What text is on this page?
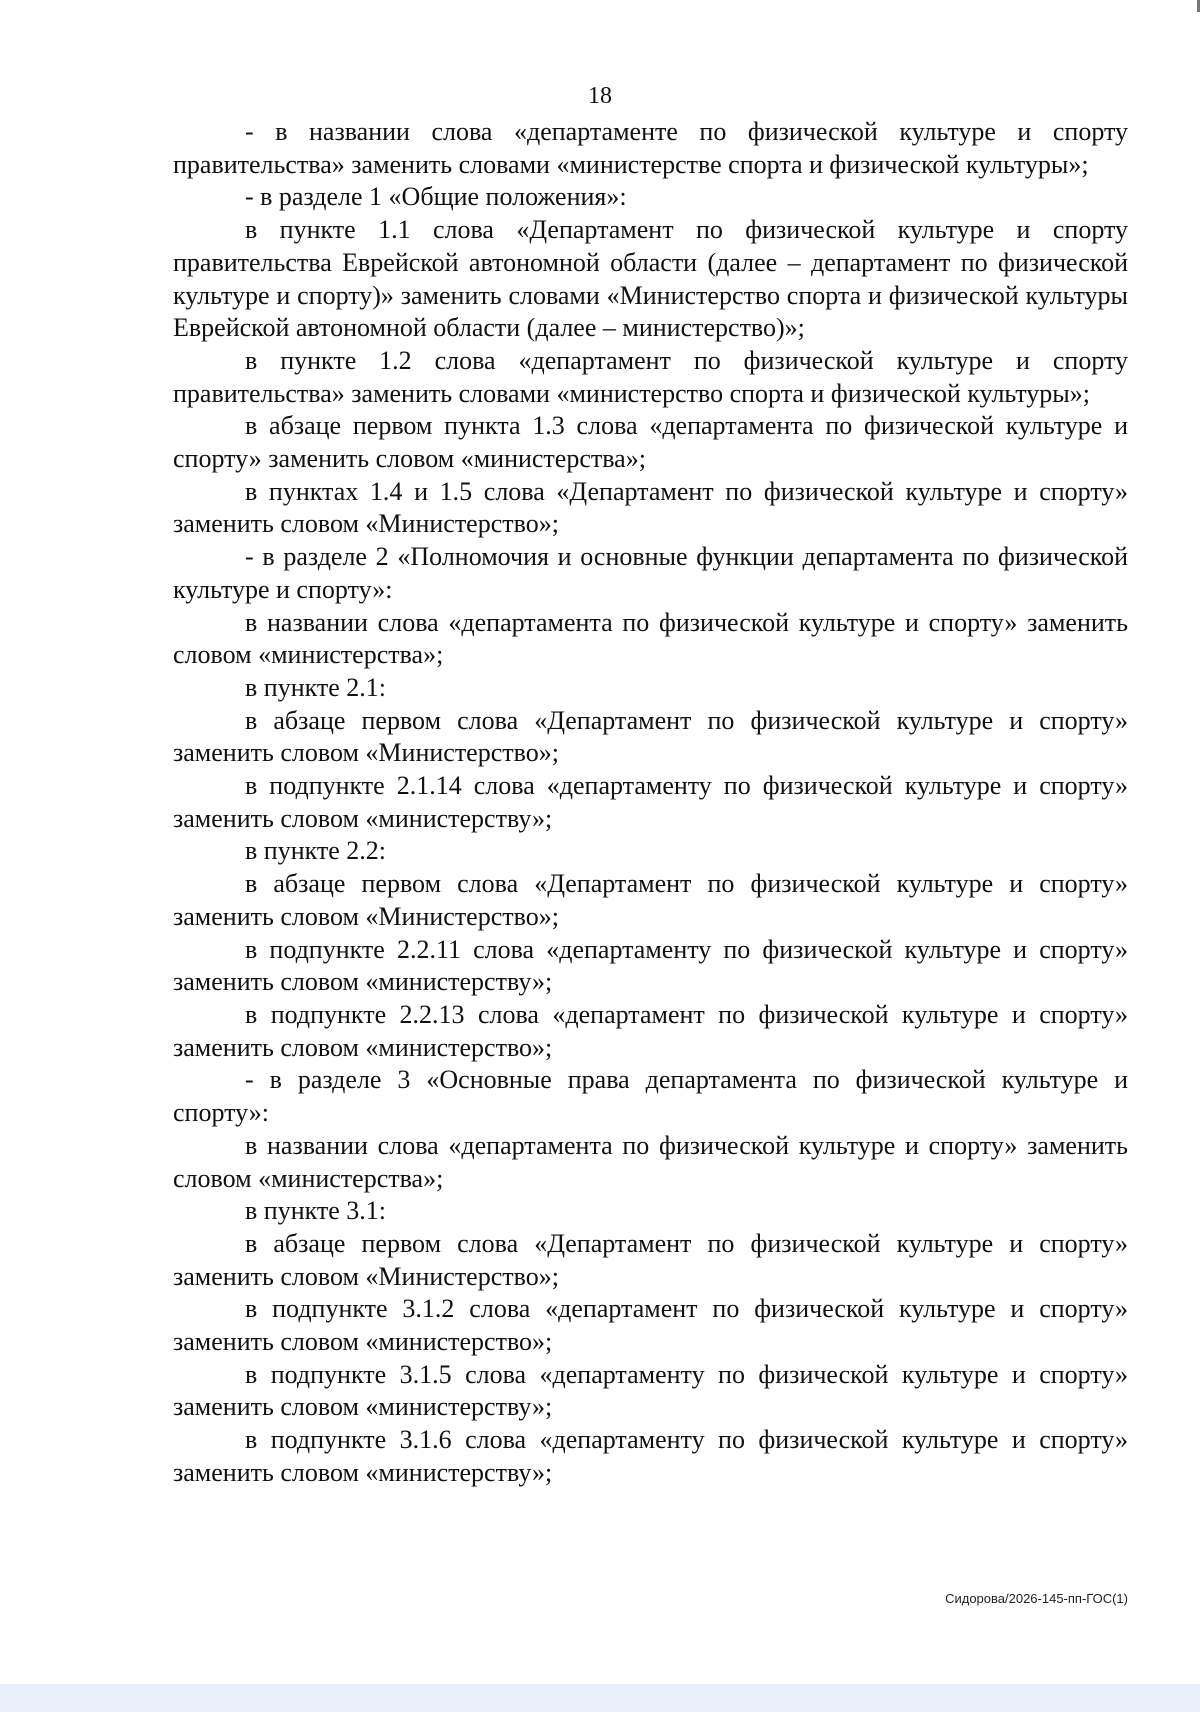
18

- в названии слова «департаменте по физической культуре и спорту правительства» заменить словами «министерстве спорта и физической культуры»;

- в разделе 1 «Общие положения»:

в пункте 1.1 слова «Департамент по физической культуре и спорту правительства Еврейской автономной области (далее – департамент по физической культуре и спорту)» заменить словами «Министерство спорта и физической культуры Еврейской автономной области (далее – министерство)»;

в пункте 1.2 слова «департамент по физической культуре и спорту правительства» заменить словами «министерство спорта и физической культуры»;

в абзаце первом пункта 1.3 слова «департамента по физической культуре и спорту» заменить словом «министерства»;

в пунктах 1.4 и 1.5 слова «Департамент по физической культуре и спорту» заменить словом «Министерство»;

- в разделе 2 «Полномочия и основные функции департамента по физической культуре и спорту»:

в названии слова «департамента по физической культуре и спорту» заменить словом «министерства»;

в пункте 2.1:

в абзаце первом слова «Департамент по физической культуре и спорту» заменить словом «Министерство»;

в подпункте 2.1.14 слова «департаменту по физической культуре и спорту» заменить словом «министерству»;

в пункте 2.2:

в абзаце первом слова «Департамент по физической культуре и спорту» заменить словом «Министерство»;

в подпункте 2.2.11 слова «департаменту по физической культуре и спорту» заменить словом «министерству»;

в подпункте 2.2.13 слова «департамент по физической культуре и спорту» заменить словом «министерство»;

- в разделе 3 «Основные права департамента по физической культуре и спорту»:

в названии слова «департамента по физической культуре и спорту» заменить словом «министерства»;

в пункте 3.1:

в абзаце первом слова «Департамент по физической культуре и спорту» заменить словом «Министерство»;

в подпункте 3.1.2 слова «департамент по физической культуре и спорту» заменить словом «министерство»;

в подпункте 3.1.5 слова «департаменту по физической культуре и спорту» заменить словом «министерству»;

в подпункте 3.1.6 слова «департаменту по физической культуре и спорту» заменить словом «министерству»;

Сидорова/2026-145-пп-ГОС(1)
